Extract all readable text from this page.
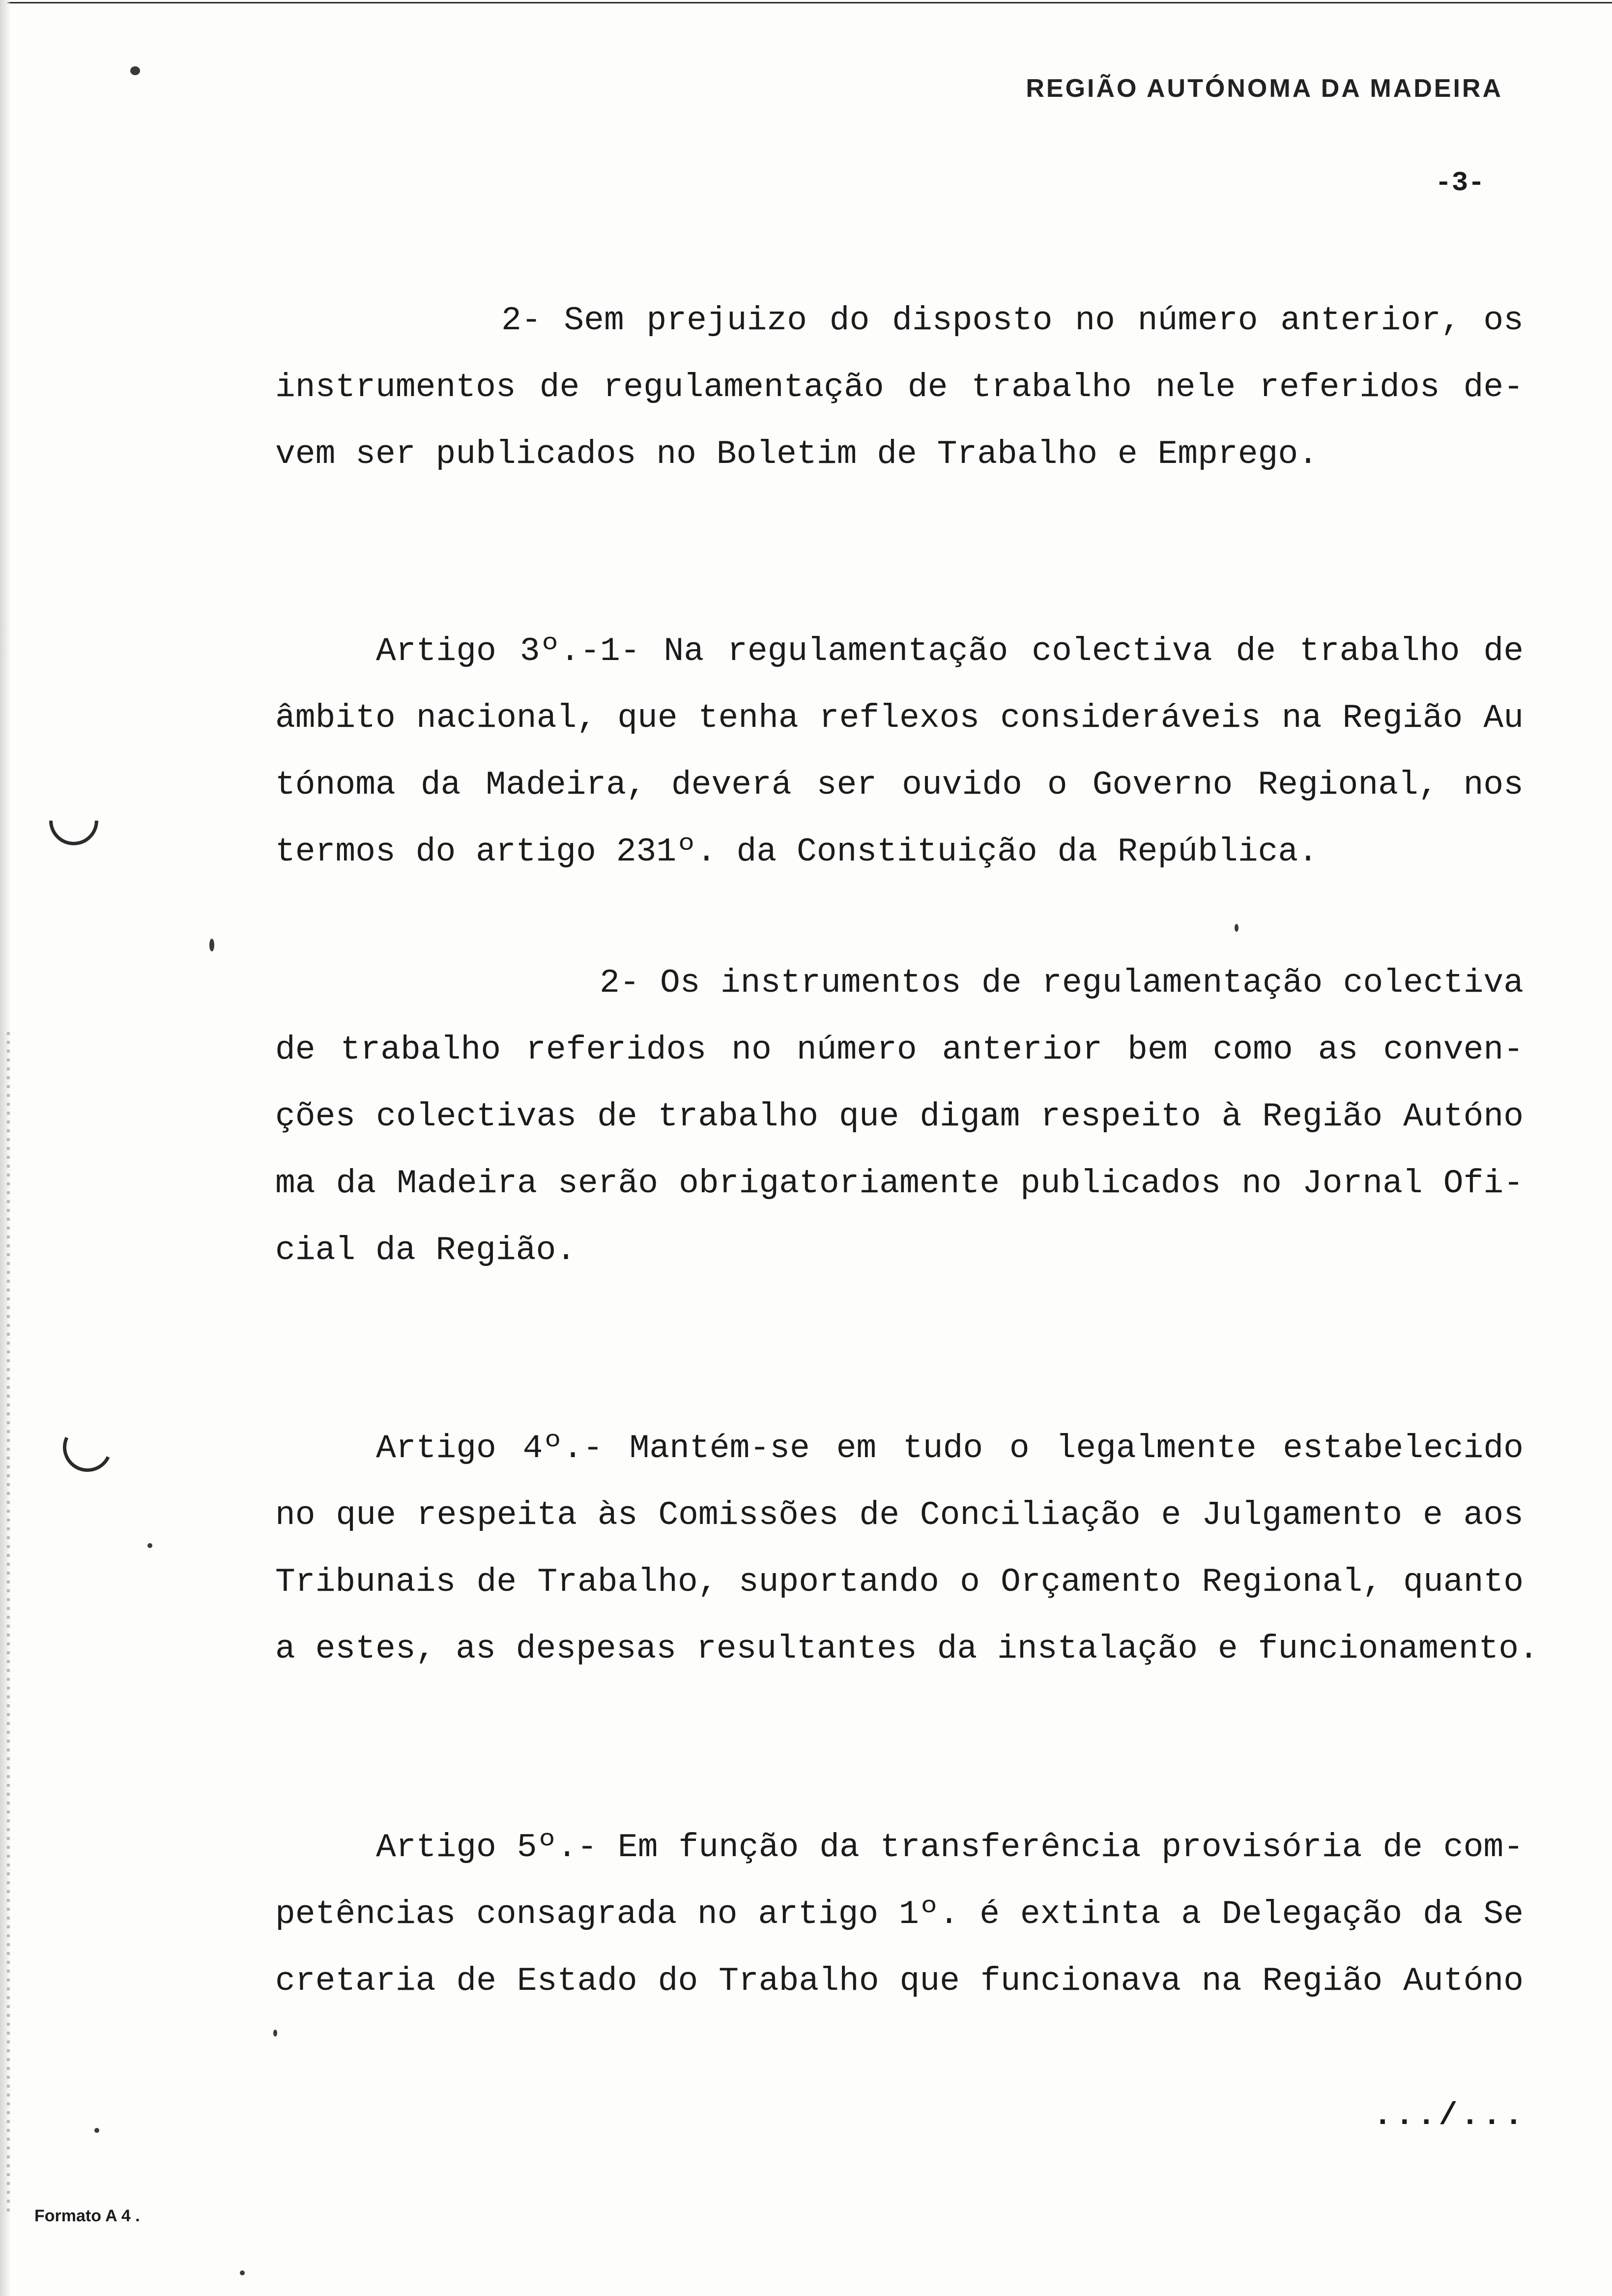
REGIÃO AUTÓNOMA DA MADEIRA
-3-
2- Sem prejuizo do disposto no número anterior, os
instrumentos de regulamentação de trabalho nele referidos de-
vem ser publicados no Boletim de Trabalho e Emprego.
Artigo 3º.-1- Na regulamentação colectiva de trabalho de
âmbito nacional, que tenha reflexos consideráveis na Região Au
tónoma da Madeira, deverá ser ouvido o Governo Regional, nos
termos do artigo 231º. da Constituição da República.
2- Os instrumentos de regulamentação colectiva
de trabalho referidos no número anterior bem como as conven-
ções colectivas de trabalho que digam respeito à Região Autóno
ma da Madeira serão obrigatoriamente publicados no Jornal Ofi-
cial da Região.
Artigo 4º.- Mantém-se em tudo o legalmente estabelecido
no que respeita às Comissões de Conciliação e Julgamento e aos
Tribunais de Trabalho, suportando o Orçamento Regional, quanto
a estes, as despesas resultantes da instalação e funcionamento.
Artigo 5º.- Em função da transferência provisória de com-
petências consagrada no artigo 1º. é extinta a Delegação da Se
cretaria de Estado do Trabalho que funcionava na Região Autóno
.../...
Formato A 4 .
